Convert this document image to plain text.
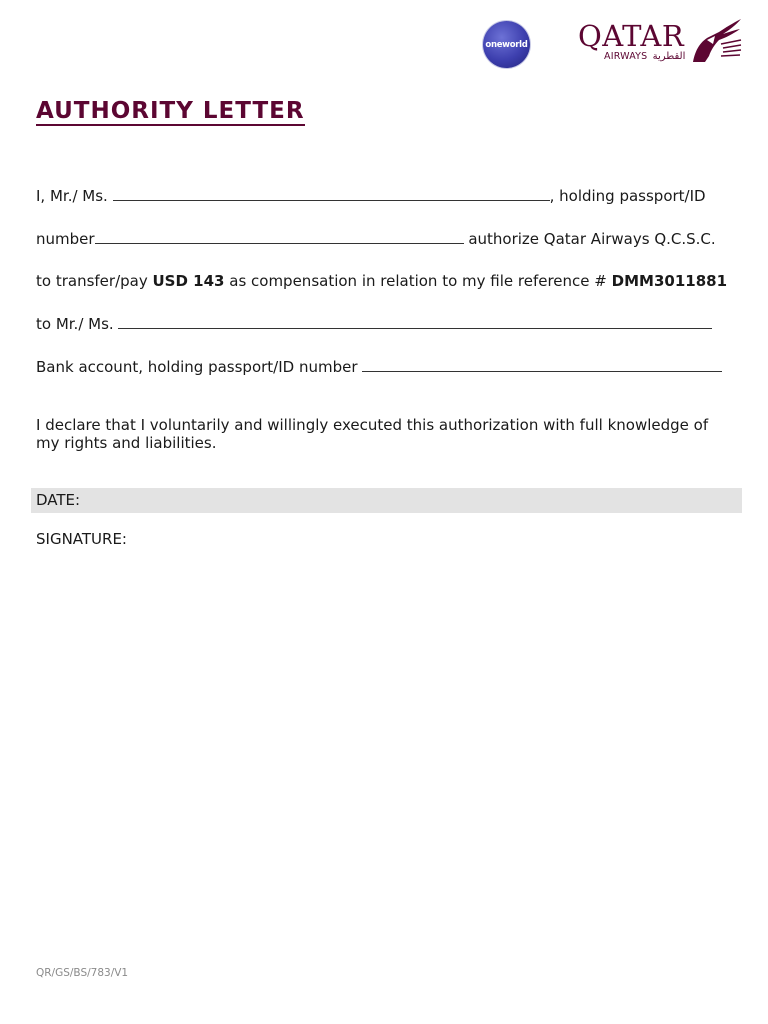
oneworld QATAR
AIRWAYS القطرية
AUTHORITY LETTER
I, Mr./ Ms.	, holding passport/ID
number	authorize Qatar Airways Q.C.S.C.
to transfer/pay USD 143 as compensation in relation to my file reference # DMM3011881
to Mr./ Ms.
Bank account, holding passport/ID number
I declare that I voluntarily and willingly executed this authorization with full knowledge of my rights and liabilities.
DATE:
SIGNATURE:
QR/GS/BS/783/V1
